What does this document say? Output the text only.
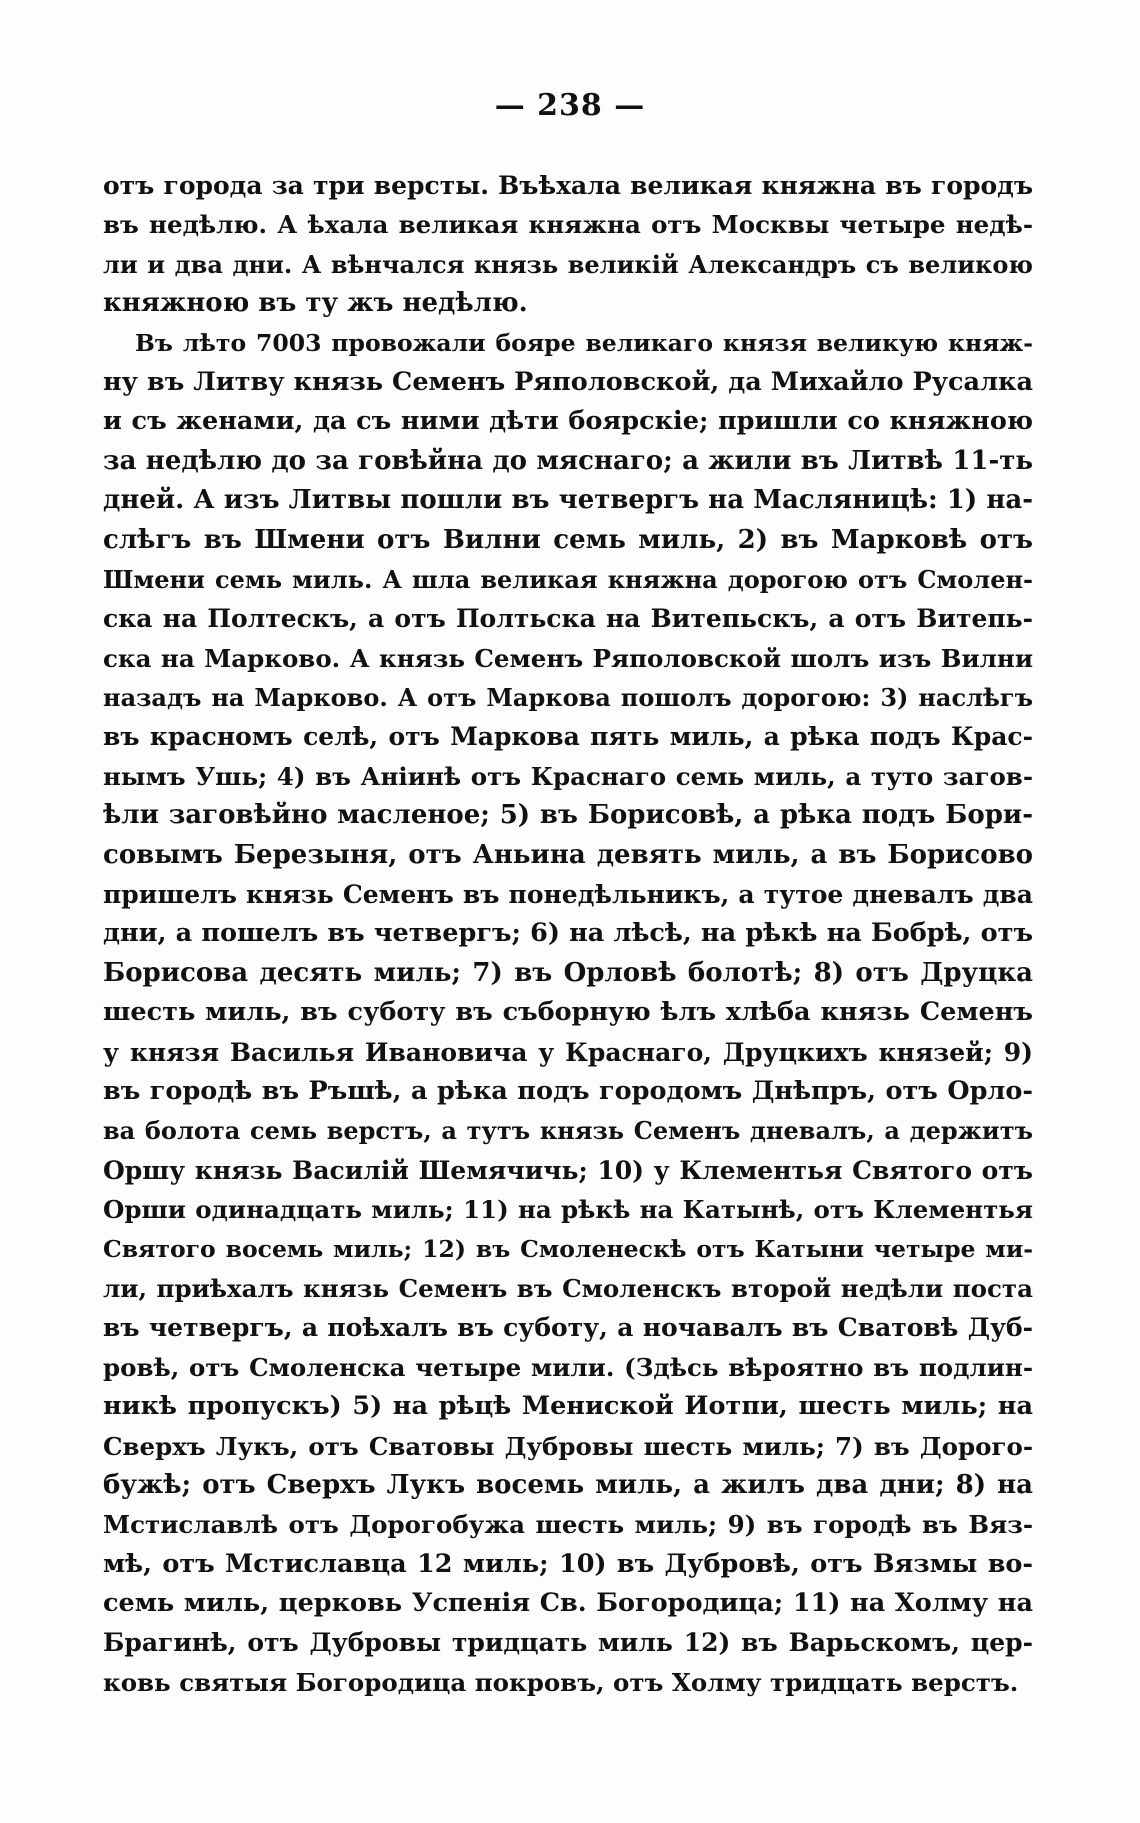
— 238 —
отъ города за три версты. Въѣхала великая княжна въ городъ
въ недѣлю. А ѣхала великая княжна отъ Москвы четыре недѣ-
ли и два дни. А вѣнчался князь великій Александръ съ великою
княжною въ ту жъ недѣлю.
Въ лѣто 7003 провожали бояре великаго князя великую княж-
ну въ Литву князь Семенъ Ряполовской, да Михайло Русалка
и съ женами, да съ ними дѣти боярскіе; пришли со княжною
за недѣлю до за говѣйна до мяснаго; а жили въ Литвѣ 11-ть
дней. А изъ Литвы пошли въ четвергъ на Масляницѣ: 1) на-
слѣгъ въ Шмени отъ Вилни семь миль, 2) въ Марковѣ отъ
Шмени семь миль. А шла великая княжна дорогою отъ Смолен-
ска на Полтескъ, а отъ Полтьска на Витепьскъ, а отъ Витепь-
ска на Марково. А князь Семенъ Ряполовской шолъ изъ Вилни
назадъ на Марково. А отъ Маркова пошолъ дорогою: 3) наслѣгъ
въ красномъ селѣ, отъ Маркова пять миль, а рѣка подъ Крас-
нымъ Ушь; 4) въ Аніинѣ отъ Краснаго семь миль, а туто загов-
ѣли заговѣйно масленое; 5) въ Борисовѣ, а рѣка подъ Бори-
совымъ Березыня, отъ Аньина девять миль, а въ Борисово
пришелъ князь Семенъ въ понедѣльникъ, а тутое дневалъ два
дни, а пошелъ въ четвергъ; 6) на лѣсѣ, на рѣкѣ на Бобрѣ, отъ
Борисова десять миль; 7) въ Орловѣ болотѣ; 8) отъ Друцка
шесть миль, въ суботу въ съборную ѣлъ хлѣба князь Семенъ
у князя Василья Ивановича у Краснаго, Друцкихъ князей; 9)
въ городѣ въ Ръшѣ, а рѣка подъ городомъ Днѣпръ, отъ Орло-
ва болота семь верстъ, а тутъ князь Семенъ дневалъ, а держитъ
Оршу князь Василій Шемячичь; 10) у Клементья Святого отъ
Орши одинадцать миль; 11) на рѣкѣ на Катынѣ, отъ Клементья
Святого восемь миль; 12) въ Смоленескѣ отъ Катыни четыре ми-
ли, приѣхалъ князь Семенъ въ Смоленскъ второй недѣли поста
въ четвергъ, а поѣхалъ въ суботу, а ночавалъ въ Сватовѣ Дуб-
ровѣ, отъ Смоленска четыре мили. (Здѣсь вѣроятно въ подлин-
никѣ пропускъ) 5) на рѣцѣ Мениской Иотпи, шесть миль; на
Сверхъ Лукъ, отъ Сватовы Дубровы шесть миль; 7) въ Дорого-
бужѣ; отъ Сверхъ Лукъ восемь миль, а жилъ два дни; 8) на
Мстиславлѣ отъ Дорогобужа шесть миль; 9) въ городѣ въ Вяз-
мѣ, отъ Мстиславца 12 миль; 10) въ Дубровѣ, отъ Вязмы во-
семь миль, церковь Успенія Св. Богородица; 11) на Холму на
Брагинѣ, отъ Дубровы тридцать миль 12) въ Варьскомъ, цер-
ковь святыя Богородица покровъ, отъ Холму тридцать верстъ.
